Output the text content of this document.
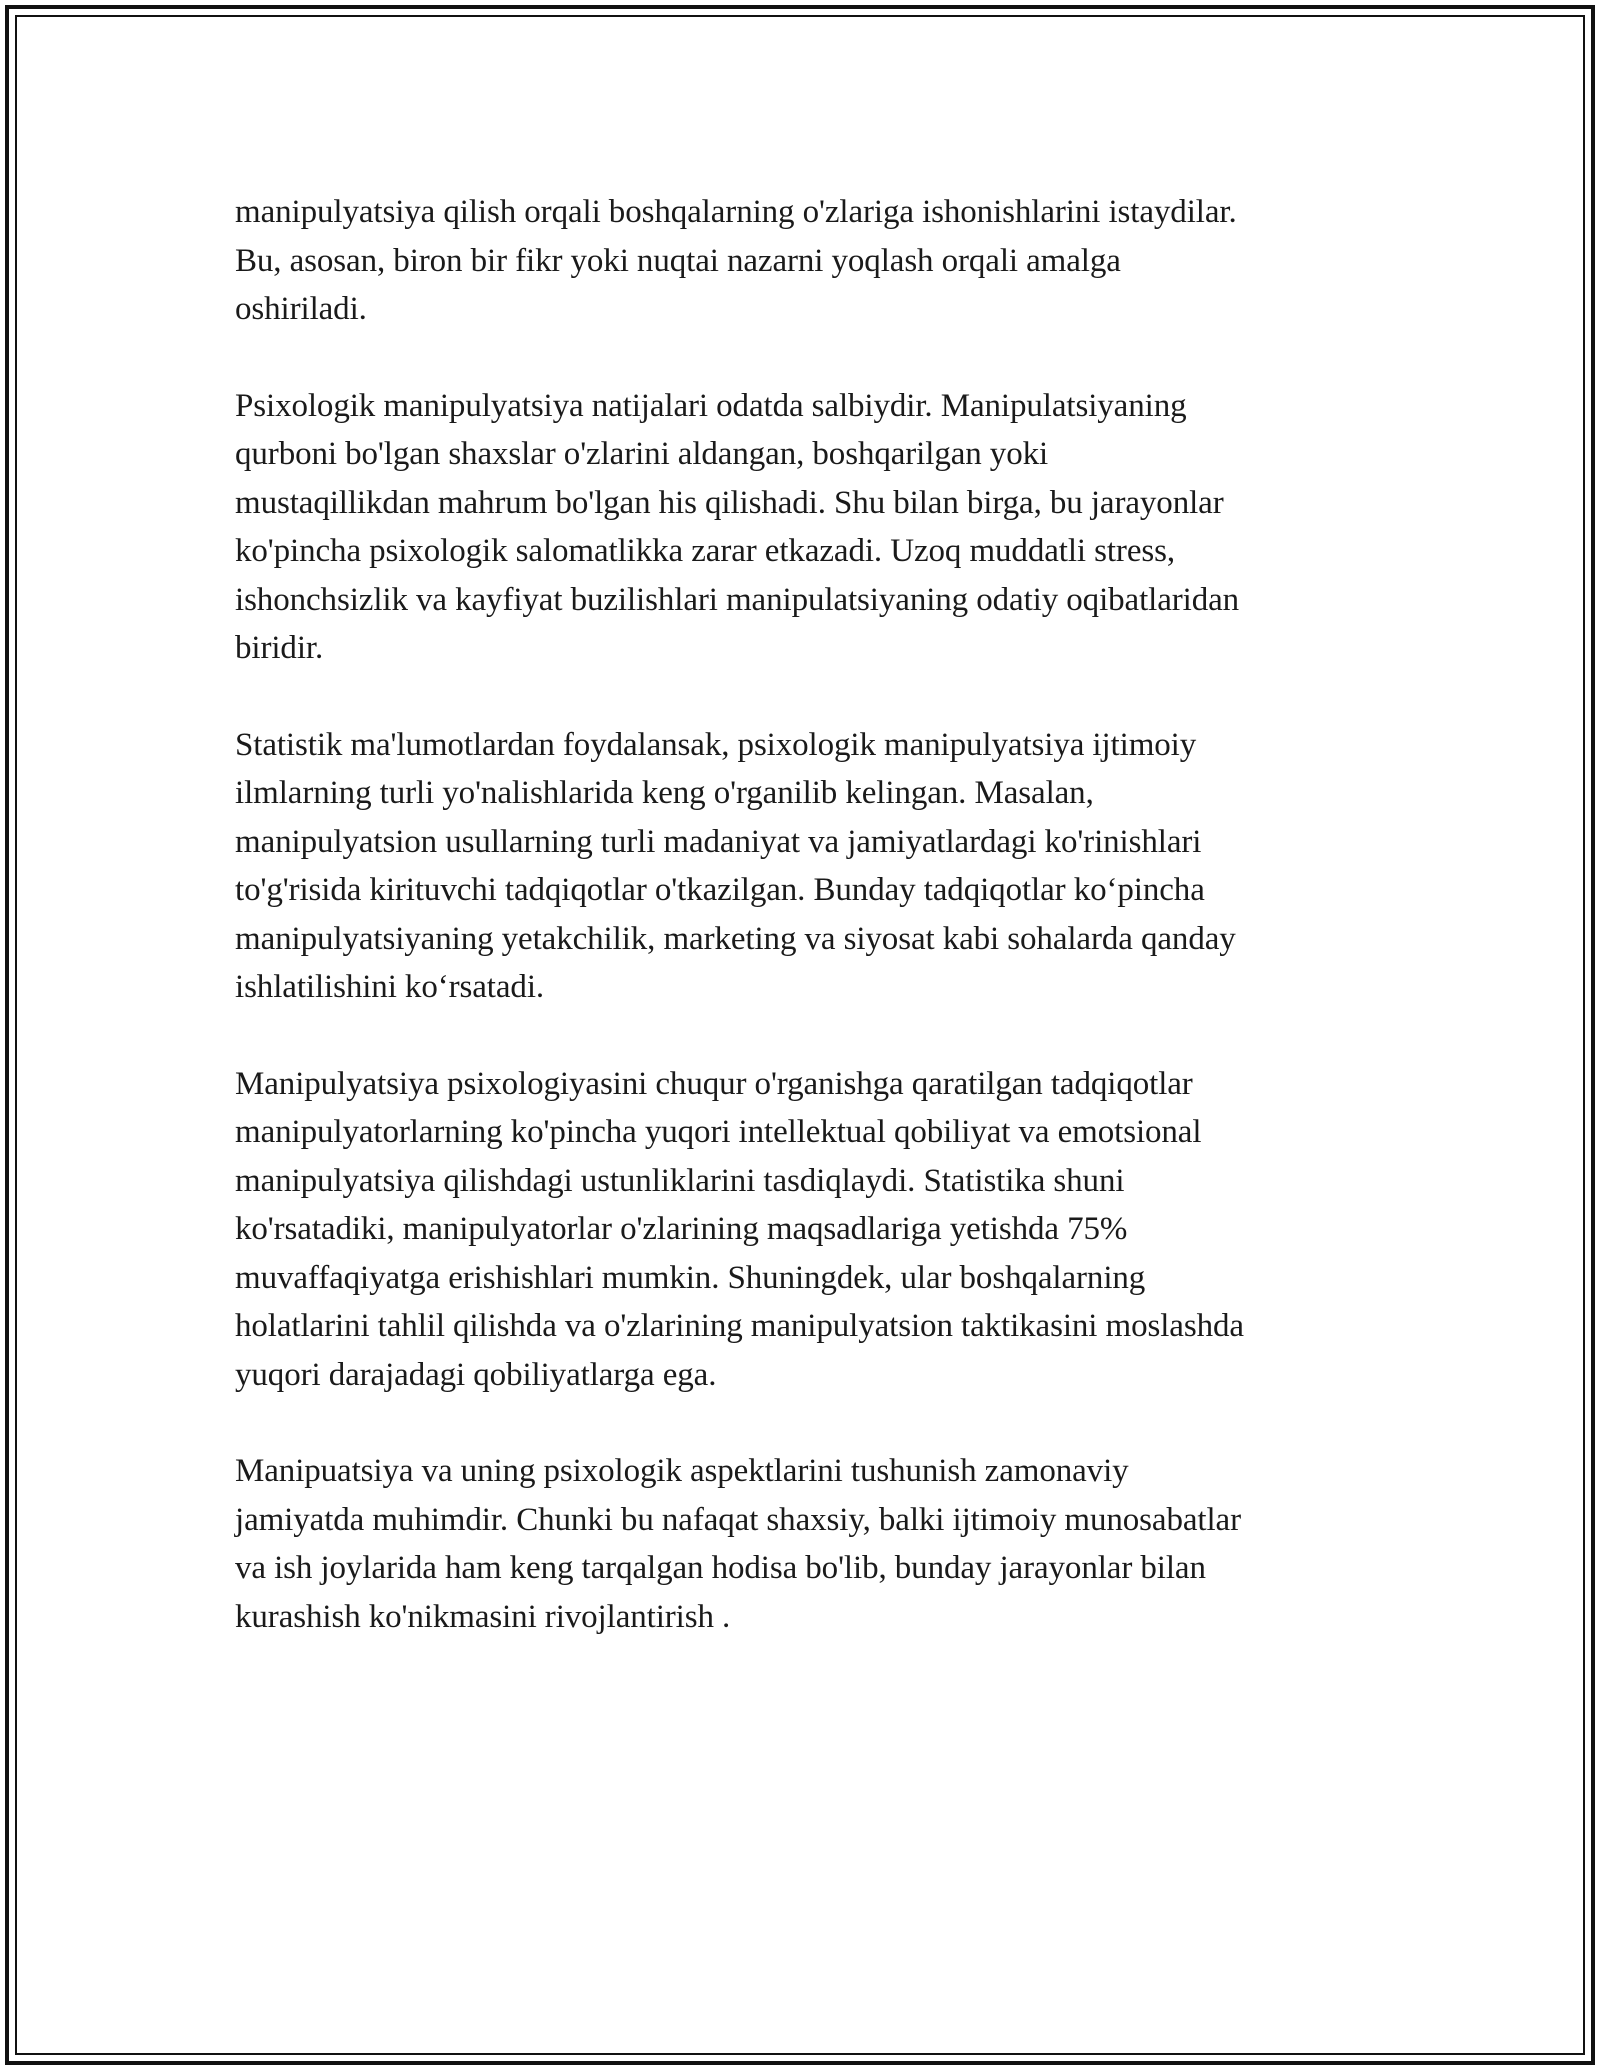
manipulyatsiya qilish orqali boshqalarning o'zlariga ishonishlarini istaydilar.
Bu, asosan, biron bir fikr yoki nuqtai nazarni yoqlash orqali amalga
oshiriladi.

Psixologik manipulyatsiya natijalari odatda salbiydir. Manipulatsiyaning
qurboni bo'lgan shaxslar o'zlarini aldangan, boshqarilgan yoki
mustaqillikdan mahrum bo'lgan his qilishadi. Shu bilan birga, bu jarayonlar
ko'pincha psixologik salomatlikka zarar etkazadi. Uzoq muddatli stress,
ishonchsizlik va kayfiyat buzilishlari manipulatsiyaning odatiy oqibatlaridan
biridir.

Statistik ma'lumotlardan foydalansak, psixologik manipulyatsiya ijtimoiy
ilmlarning turli yo'nalishlarida keng o'rganilib kelingan. Masalan,
manipulyatsion usullarning turli madaniyat va jamiyatlardagi ko'rinishlari
to'g'risida kirituvchi tadqiqotlar o'tkazilgan. Bunday tadqiqotlar ko‘pincha
manipulyatsiyaning yetakchilik, marketing va siyosat kabi sohalarda qanday
ishlatilishini ko‘rsatadi.

Manipulyatsiya psixologiyasini chuqur o'rganishga qaratilgan tadqiqotlar
manipulyatorlarning ko'pincha yuqori intellektual qobiliyat va emotsional
manipulyatsiya qilishdagi ustunliklarini tasdiqlaydi. Statistika shuni
ko'rsatadiki, manipulyatorlar o'zlarining maqsadlariga yetishda 75%
muvaffaqiyatga erishishlari mumkin. Shuningdek, ular boshqalarning
holatlarini tahlil qilishda va o'zlarining manipulyatsion taktikasini moslashda
yuqori darajadagi qobiliyatlarga ega.

Manipuatsiya va uning psixologik aspektlarini tushunish zamonaviy
jamiyatda muhimdir. Chunki bu nafaqat shaxsiy, balki ijtimoiy munosabatlar
va ish joylarida ham keng tarqalgan hodisa bo'lib, bunday jarayonlar bilan
kurashish ko'nikmasini rivojlantirish .
